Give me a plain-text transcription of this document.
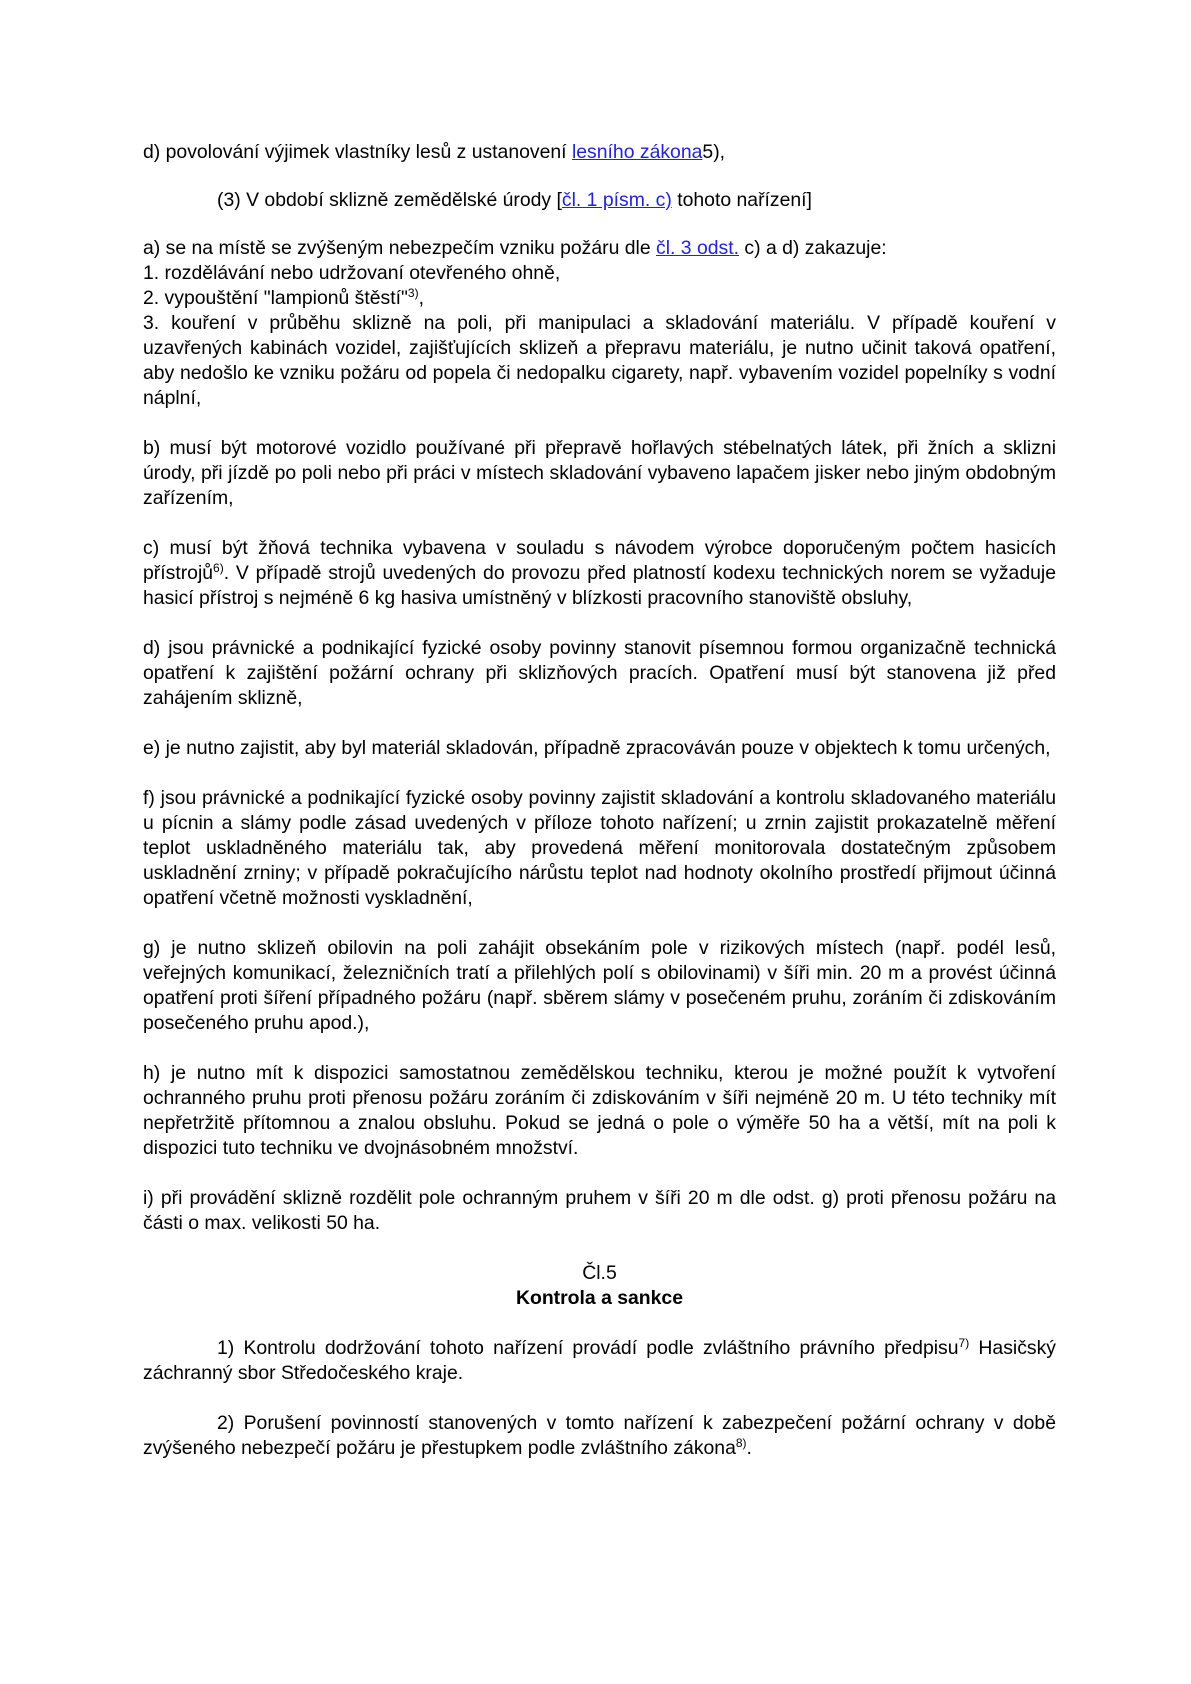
d) povolování výjimek vlastníky lesů z ustanovení lesního zákona5),

(3) V období sklizně zemědělské úrody [čl. 1 písm. c) tohoto nařízení]

a) se na místě se zvýšeným nebezpečím vzniku požáru dle čl. 3 odst. c) a d) zakazuje:

1. rozdělávání nebo udržovaní otevřeného ohně,

2. vypouštění "lampionů štěstí"$^{3)}$,

3. kouření v průběhu sklizně na poli, při manipulaci a skladování materiálu. V případě kouření v uzavřených kabinách vozidel, zajišťujících sklizeň a přepravu materiálu, je nutno učinit taková opatření, aby nedošlo ke vzniku požáru od popela či nedopalku cigarety, např. vybavením vozidel popelníky s vodní náplní,

b) musí být motorové vozidlo používané při přepravě hořlavých stébelnatých látek, při žních a sklizni úrody, při jízdě po poli nebo při práci v místech skladování vybaveno lapačem jisker nebo jiným obdobným zařízením,

c) musí být žňová technika vybavena v souladu s návodem výrobce doporučeným počtem hasicích přístrojů$^{6)}$. V případě strojů uvedených do provozu před platností kodexu technických norem se vyžaduje hasicí přístroj s nejméně 6 kg hasiva umístněný v blízkosti pracovního stanoviště obsluhy,

d) jsou právnické a podnikající fyzické osoby povinny stanovit písemnou formou organizačně technická opatření k zajištění požární ochrany při sklizňových pracích. Opatření musí být stanovena již před zahájením sklizně,

e) je nutno zajistit, aby byl materiál skladován, případně zpracováván pouze v objektech k tomu určených,

f) jsou právnické a podnikající fyzické osoby povinny zajistit skladování a kontrolu skladovaného materiálu u pícnin a slámy podle zásad uvedených v příloze tohoto nařízení; u zrnin zajistit prokazatelně měření teplot uskladněného materiálu tak, aby provedená měření monitorovala dostatečným způsobem uskladnění zrniny; v případě pokračujícího nárůstu teplot nad hodnoty okolního prostředí přijmout účinná opatření včetně možnosti vyskladnění,

g) je nutno sklizeň obilovin na poli zahájit obsekáním pole v rizikových místech (např. podél lesů, veřejných komunikací, železničních tratí a přilehlých polí s obilovinami) v šíři min. 20 m a provést účinná opatření proti šíření případného požáru (např. sběrem slámy v posečeném pruhu, zoráním či zdiskováním posečeného pruhu apod.),

h) je nutno mít k dispozici samostatnou zemědělskou techniku, kterou je možné použít k vytvoření ochranného pruhu proti přenosu požáru zoráním či zdiskováním v šíři nejméně 20 m. U této techniky mít nepřetržitě přítomnou a znalou obsluhu. Pokud se jedná o pole o výměře 50 ha a větší, mít na poli k dispozici tuto techniku ve dvojnásobném množství.

i) při provádění sklizně rozdělit pole ochranným pruhem v šíři 20 m dle odst. g) proti přenosu požáru na části o max. velikosti 50 ha.

Čl.5

Kontrola a sankce

1) Kontrolu dodržování tohoto nařízení provádí podle zvláštního právního předpisu$^{7)}$ Hasičský záchranný sbor Středočeského kraje.

2) Porušení povinností stanovených v tomto nařízení k zabezpečení požární ochrany v době zvýšeného nebezpečí požáru je přestupkem podle zvláštního zákona$^{8)}$.
